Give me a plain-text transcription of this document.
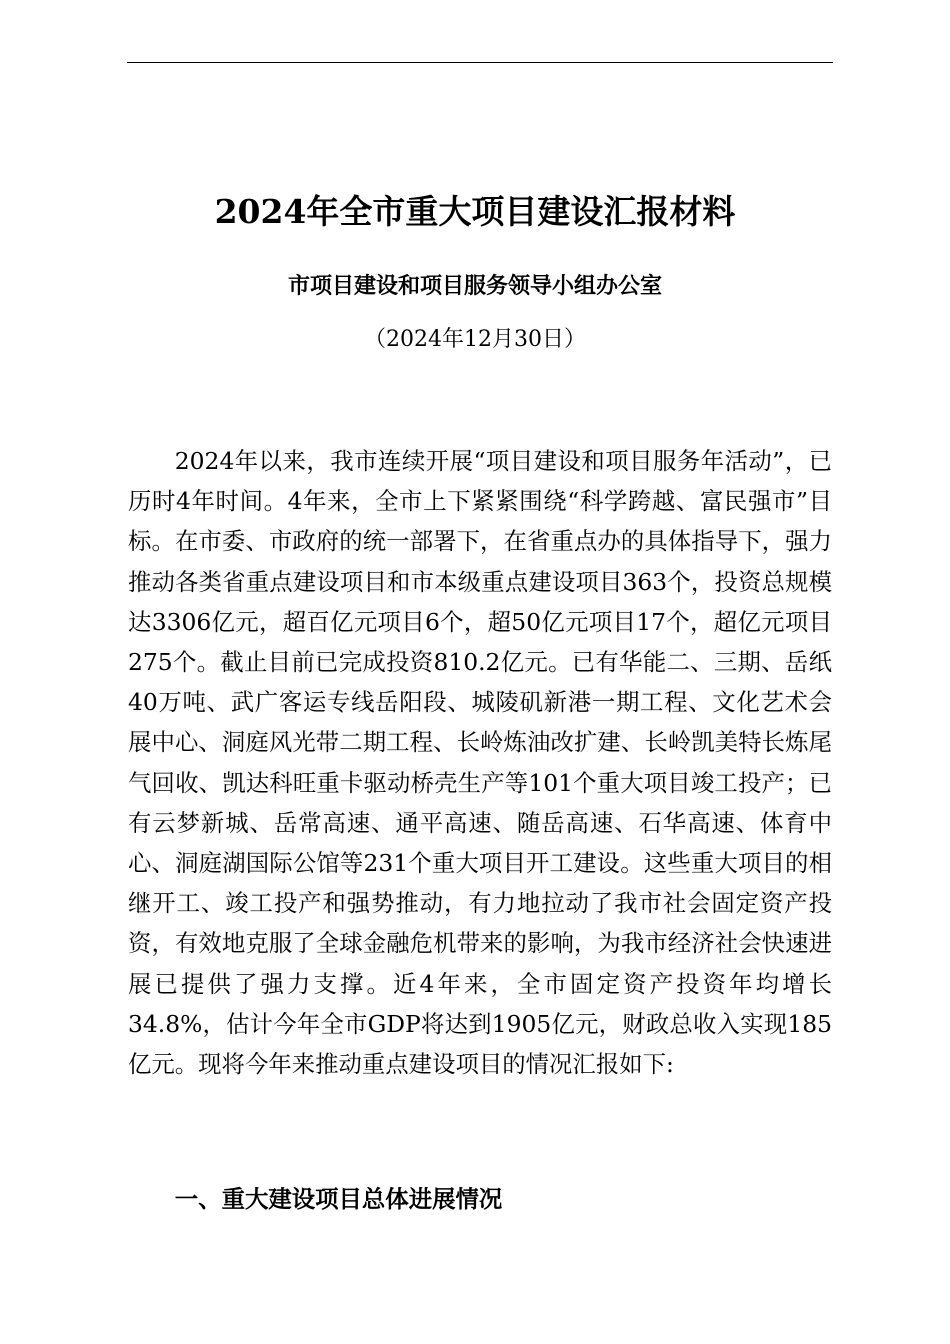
2024年全市重大项目建设汇报材料

市项目建设和项目服务领导小组办公室

（2024年12月30日）

2024年以来，我市连续开展“项目建设和项目服务年活动”，已历时4年时间。4年来，全市上下紧紧围绕“科学跨越、富民强市”目标。在市委、市政府的统一部署下，在省重点办的具体指导下，强力推动各类省重点建设项目和市本级重点建设项目363个，投资总规模达3306亿元，超百亿元项目6个，超50亿元项目17个，超亿元项目275个。截止目前已完成投资810.2亿元。已有华能二、三期、岳纸40万吨、武广客运专线岳阳段、城陵矶新港一期工程、文化艺术会展中心、洞庭风光带二期工程、长岭炼油改扩建、长岭凯美特长炼尾气回收、凯达科旺重卡驱动桥壳生产等101个重大项目竣工投产；已有云梦新城、岳常高速、通平高速、随岳高速、石华高速、体育中心、洞庭湖国际公馆等231个重大项目开工建设。这些重大项目的相继开工、竣工投产和强势推动，有力地拉动了我市社会固定资产投资，有效地克服了全球金融危机带来的影响，为我市经济社会快速进展已提供了强力支撑。近4年来，全市固定资产投资年均增长34.8%，估计今年全市GDP将达到1905亿元，财政总收入实现185亿元。现将今年来推动重点建设项目的情况汇报如下:

一、重大建设项目总体进展情况
